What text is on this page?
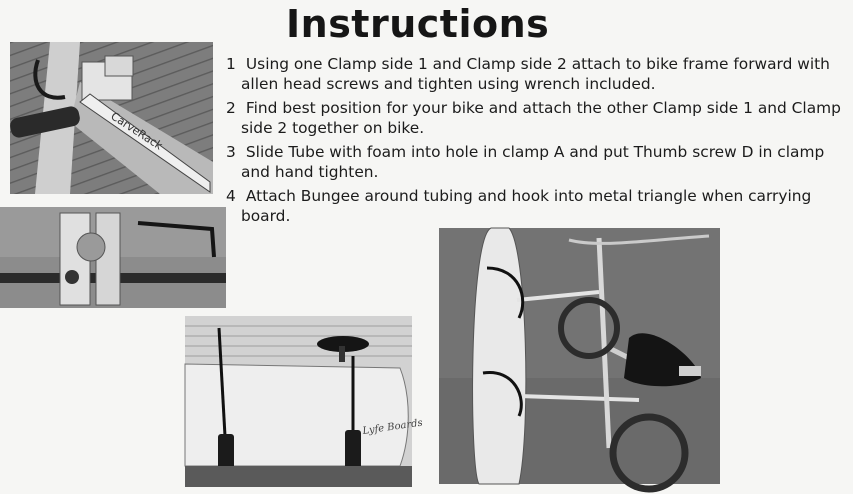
Instructions
1 Using one Clamp side 1 and Clamp side 2 attach to bike frame forward with allen head screws and tighten using wrench included.
2 Find best position for your bike and attach the other Clamp side 1 and Clamp side 2 together on bike.
3 Slide Tube with foam into hole in clamp A and put Thumb screw D in clamp and hand tighten.
4 Attach Bungee around tubing and hook into metal triangle when carrying board.
CarveRack
Lyfe Boards
